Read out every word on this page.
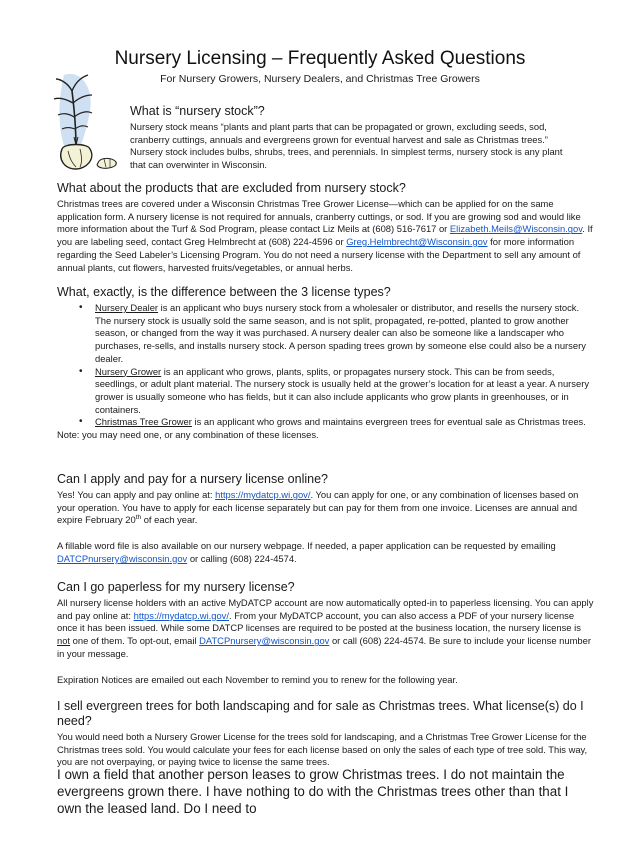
Nursery Licensing – Frequently Asked Questions
For Nursery Growers, Nursery Dealers, and Christmas Tree Growers
What is “nursery stock”?

Nursery stock means “plants and plant parts that can be propagated or grown, excluding seeds, sod, cranberry cuttings, annuals and evergreens grown for eventual harvest and sale as Christmas trees.” Nursery stock includes bulbs, shrubs, trees, and perennials. In simplest terms, nursery stock is any plant that can overwinter in Wisconsin.

What about the products that are excluded from nursery stock?

Christmas trees are covered under a Wisconsin Christmas Tree Grower License—which can be applied for on the same application form. A nursery license is not required for annuals, cranberry cuttings, or sod. If you are growing sod and would like more information about the Turf & Sod Program, please contact Liz Meils at (608) 516-7617 or Elizabeth.Meils@Wisconsin.gov. If you are labeling seed, contact Greg Helmbrecht at (608) 224-4596 or Greg.Helmbrecht@Wisconsin.gov for more information regarding the Seed Labeler’s Licensing Program. You do not need a nursery license with the Department to sell any amount of annual plants, cut flowers, harvested fruits/vegetables, or annual herbs.

What, exactly, is the difference between the 3 license types?
• Nursery Dealer is an applicant who buys nursery stock from a wholesaler or distributor, and resells the nursery stock. The nursery stock is usually sold the same season, and is not split, propagated, re-potted, planted to grow another season, or changed from the way it was purchased. A nursery dealer can also be someone like a landscaper who purchases, re-sells, and installs nursery stock. A person spading trees grown by someone else could also be a nursery dealer.
• Nursery Grower is an applicant who grows, plants, splits, or propagates nursery stock. This can be from seeds, seedlings, or adult plant material. The nursery stock is usually held at the grower’s location for at least a year. A nursery grower is usually someone who has fields, but it can also include applicants who grow plants in greenhouses, or in containers.
• Christmas Tree Grower is an applicant who grows and maintains evergreen trees for eventual sale as Christmas trees.

Note: you may need one, or any combination of these licenses.

Can I apply and pay for a nursery license online?

Yes! You can apply and pay online at: https://mydatcp.wi.gov/. You can apply for one, or any combination of licenses based on your operation. You have to apply for each license separately but can pay for them from one invoice. Licenses are annual and expire February 20th of each year.

A fillable word file is also available on our nursery webpage. If needed, a paper application can be requested by emailing DATCPnursery@wisconsin.gov or calling (608) 224-4574.

Can I go paperless for my nursery license?

All nursery license holders with an active MyDATCP account are now automatically opted-in to paperless licensing. You can apply and pay online at: https://mydatcp.wi.gov/. From your MyDATCP account, you can also access a PDF of your nursery license once it has been issued. While some DATCP licenses are required to be posted at the business location, the nursery license is not one of them. To opt-out, email DATCPnursery@wisconsin.gov or call (608) 224-4574. Be sure to include your license number in your message.

Expiration Notices are emailed out each November to remind you to renew for the following year.

I sell evergreen trees for both landscaping and for sale as Christmas trees. What license(s) do I need?

You would need both a Nursery Grower License for the trees sold for landscaping, and a Christmas Tree Grower License for the Christmas trees sold. You would calculate your fees for each license based on only the sales of each type of tree sold. This way, you are not overpaying, or paying twice to license the same trees.

I own a field that another person leases to grow Christmas trees. I do not maintain the evergreens grown there. I have nothing to do with the Christmas trees other than that I own the leased land. Do I need to
